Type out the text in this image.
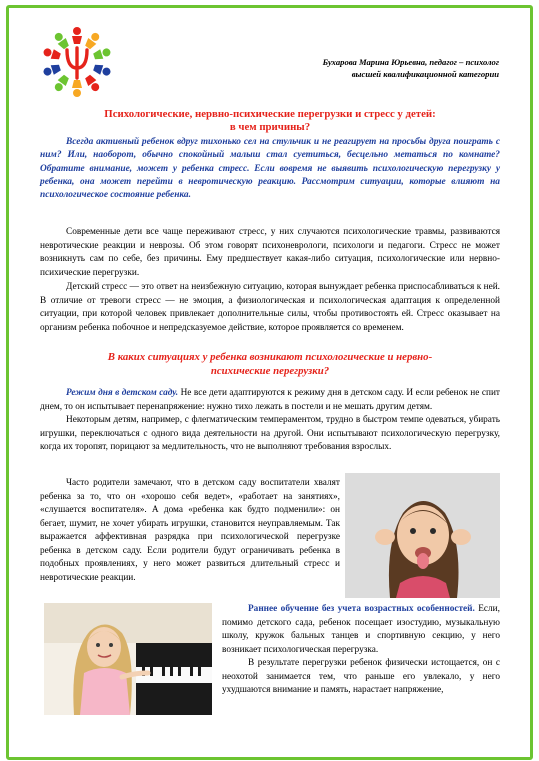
Бухарова Марина Юрьевна, педагог – психолог
высшей квалификационной категории
Психологические, нервно-психические перегрузки и стресс у детей:
в чем причины?
Всегда активный ребенок вдруг тихонько сел на стульчик и не реагирует на просьбы друга поиграть с ним? Или, наоборот, обычно спокойный малыш стал суетиться, бесцельно метаться по комнате? Обратите внимание, может у ребенка стресс. Если вовремя не выявить психологическую перегрузку у ребенка, она может перейти в невротическую реакцию. Рассмотрим ситуации, которые влияют на психологическое состояние ребенка.

Современные дети все чаще переживают стресс, у них случаются психологические травмы, развиваются невротические реакции и неврозы. Об этом говорят психоневрологи, психологи и педагоги. Стресс не может возникнуть сам по себе, без причины. Ему предшествует какая-либо ситуация, психологические или нервно-психические перегрузки.

Детский стресс — это ответ на неизбежную ситуацию, которая вынуждает ребенка приспосабливаться к ней. В отличие от тревоги стресс — не эмоция, а физиологическая и психологическая адаптация к определенной ситуации, при которой человек привлекает дополнительные силы, чтобы противостоять ей. Стресс оказывает на организм ребенка побочное и непредсказуемое действие, которое проявляется со временем.

В каких ситуациях у ребенка возникают психологические и нервно-
психические перегрузки?

Режим дня в детском саду. Не все дети адаптируются к режиму дня в детском саду. И если ребенок не спит днем, то он испытывает перенапряжение: нужно тихо лежать в постели и не мешать другим детям.

Некоторым детям, например, с флегматическим темпераментом, трудно в быстром темпе одеваться, убирать игрушки, переключаться с одного вида деятельности на другой. Они испытывают психологическую перегрузку, когда их торопят, порицают за медлительность, что не выполняют требования взрослых.

Часто родители замечают, что в детском саду воспитатели хвалят ребенка за то, что он «хорошо себя ведет», «работает на занятиях», «слушается воспитателя». А дома «ребенка как будто подменили»: он бегает, шумит, не хочет убирать игрушки, становится неуправляемым. Так выражается аффективная разрядка при психологической перегрузке ребенка в детском саду. Если родители будут ограничивать ребенка в подобных проявлениях, у него может развиться длительный стресс и невротические реакции.

Раннее обучение без учета возрастных особенностей. Если, помимо детского сада, ребенок посещает изостудию, музыкальную школу, кружок бальных танцев и спортивную секцию, у него возникает психологическая перегрузка.

В результате перегрузки ребенок физически истощается, он с неохотой занимается тем, что раньше его увлекало, у него ухудшаются внимание и память, нарастает напряжение,
